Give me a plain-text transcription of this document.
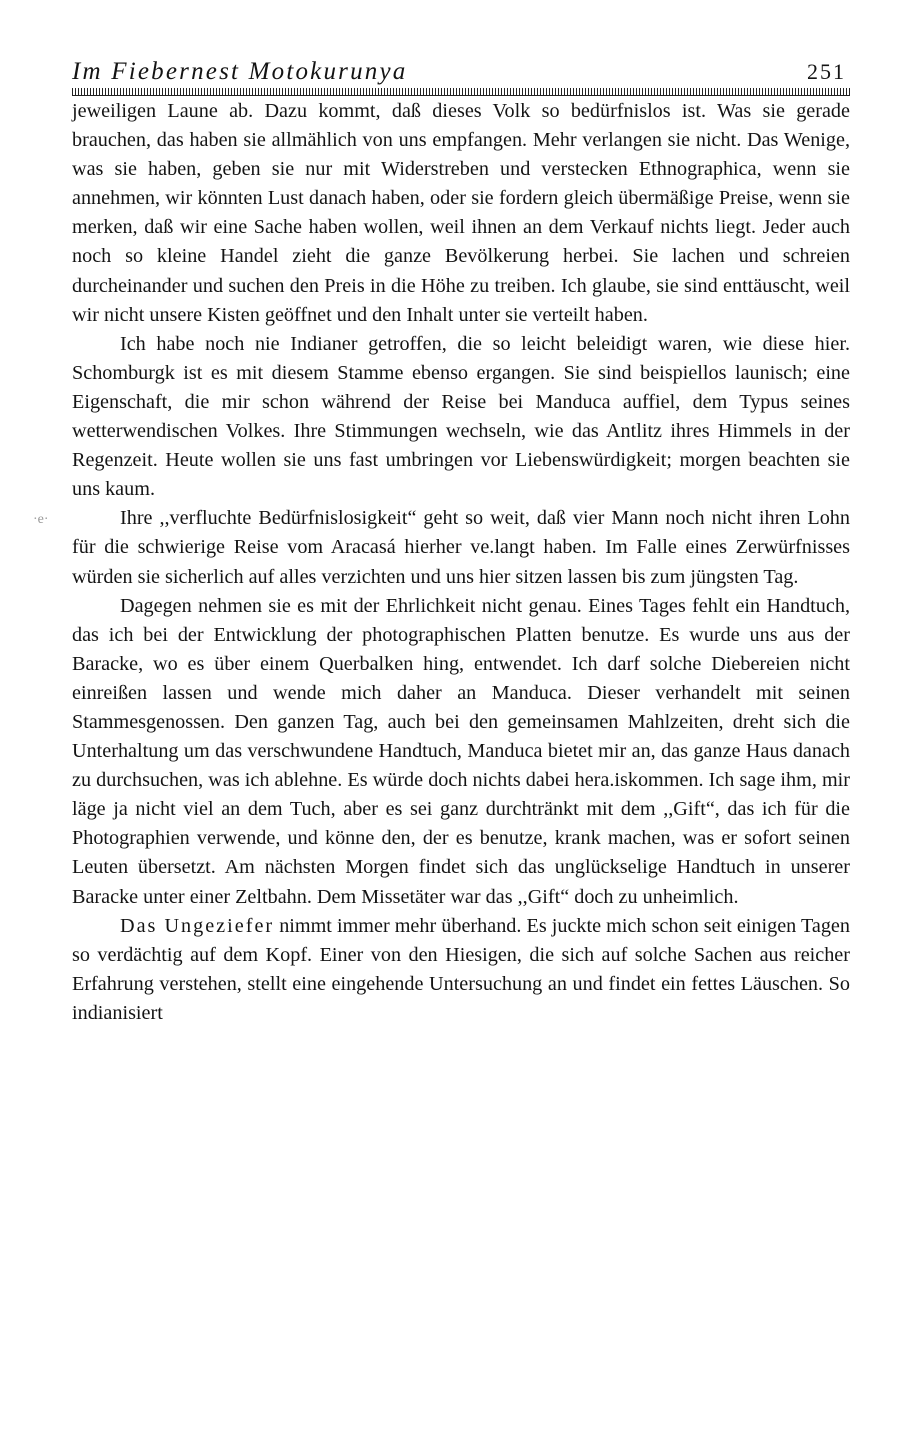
Im Fiebernest Motokurunya	251

jeweiligen Laune ab. Dazu kommt, daß dieses Volk so bedürfnislos ist. Was sie gerade brauchen, das haben sie allmählich von uns empfangen. Mehr verlangen sie nicht. Das Wenige, was sie haben, geben sie nur mit Widerstreben und verstecken Ethnographica, wenn sie annehmen, wir könnten Lust danach haben, oder sie fordern gleich übermäßige Preise, wenn sie merken, daß wir eine Sache haben wollen, weil ihnen an dem Verkauf nichts liegt. Jeder auch noch so kleine Handel zieht die ganze Bevölkerung herbei. Sie lachen und schreien durcheinander und suchen den Preis in die Höhe zu treiben. Ich glaube, sie sind enttäuscht, weil wir nicht unsere Kisten geöffnet und den Inhalt unter sie verteilt haben.

Ich habe noch nie Indianer getroffen, die so leicht beleidigt waren, wie diese hier. Schomburgk ist es mit diesem Stamme ebenso ergangen. Sie sind beispiellos launisch; eine Eigenschaft, die mir schon während der Reise bei Manduca auffiel, dem Typus seines wetterwendischen Volkes. Ihre Stimmungen wechseln, wie das Antlitz ihres Himmels in der Regenzeit. Heute wollen sie uns fast umbringen vor Liebenswürdigkeit; morgen beachten sie uns kaum.

Ihre ,,verfluchte Bedürfnislosigkeit“ geht so weit, daß vier Mann noch nicht ihren Lohn für die schwierige Reise vom Aracasá hierher ve.langt haben. Im Falle eines Zerwürfnisses würden sie sicherlich auf alles verzichten und uns hier sitzen lassen bis zum jüngsten Tag.

Dagegen nehmen sie es mit der Ehrlichkeit nicht genau. Eines Tages fehlt ein Handtuch, das ich bei der Entwicklung der photographischen Platten benutze. Es wurde uns aus der Baracke, wo es über einem Querbalken hing, entwendet. Ich darf solche Diebereien nicht einreißen lassen und wende mich daher an Manduca. Dieser verhandelt mit seinen Stammesgenossen. Den ganzen Tag, auch bei den gemeinsamen Mahlzeiten, dreht sich die Unterhaltung um das verschwundene Handtuch, Manduca bietet mir an, das ganze Haus danach zu durchsuchen, was ich ablehne. Es würde doch nichts dabei hera.iskommen. Ich sage ihm, mir läge ja nicht viel an dem Tuch, aber es sei ganz durchtränkt mit dem ,,Gift“, das ich für die Photographien verwende, und könne den, der es benutze, krank machen, was er sofort seinen Leuten übersetzt. Am nächsten Morgen findet sich das unglückselige Handtuch in unserer Baracke unter einer Zeltbahn. Dem Missetäter war das ,,Gift“ doch zu unheimlich.

Das Ungeziefer nimmt immer mehr überhand. Es juckte mich schon seit einigen Tagen so verdächtig auf dem Kopf. Einer von den Hiesigen, die sich auf solche Sachen aus reicher Erfahrung verstehen, stellt eine eingehende Untersuchung an und findet ein fettes Läuschen. So indianisiert

·e·
